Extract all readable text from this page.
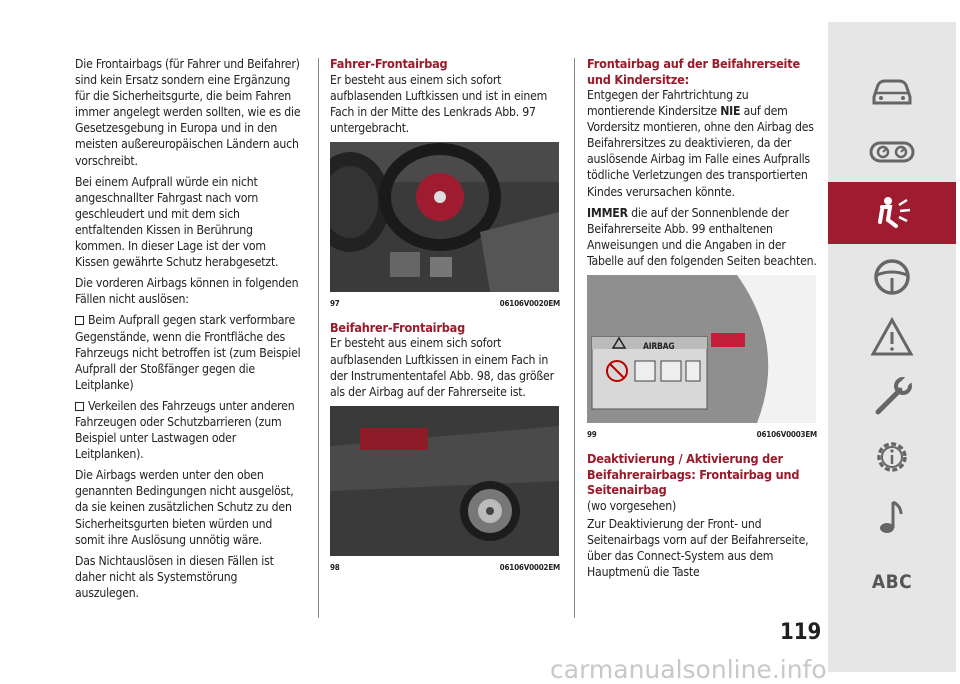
Die Frontairbags (für Fahrer und Beifahrer) sind kein Ersatz sondern eine Ergänzung für die Sicherheitsgurte, die beim Fahren immer angelegt werden sollten, wie es die Gesetzesgebung in Europa und in den meisten außereuropäischen Ländern auch vorschreibt.

Bei einem Aufprall würde ein nicht angeschnallter Fahrgast nach vorn geschleudert und mit dem sich entfaltenden Kissen in Berührung kommen. In dieser Lage ist der vom Kissen gewährte Schutz herabgesetzt.

Die vorderen Airbags können in folgenden Fällen nicht auslösen:

Beim Aufprall gegen stark verformbare Gegenstände, wenn die Frontfläche des Fahrzeugs nicht betroffen ist (zum Beispiel Aufprall der Stoßfänger gegen die Leitplanke)

Verkeilen des Fahrzeugs unter anderen Fahrzeugen oder Schutzbarrieren (zum Beispiel unter Lastwagen oder Leitplanken).

Die Airbags werden unter den oben genannten Bedingungen nicht ausgelöst, da sie keinen zusätzlichen Schutz zu den Sicherheitsgurten bieten würden und somit ihre Auslösung unnötig wäre.

Das Nichtauslösen in diesen Fällen ist daher nicht als Systemstörung auszulegen.

Fahrer-Frontairbag

Er besteht aus einem sich sofort aufblasenden Luftkissen und ist in einem Fach in der Mitte des Lenkrads Abb. 97 untergebracht.

97	06106V0020EM
Beifahrer-Frontairbag

Er besteht aus einem sich sofort aufblasenden Luftkissen in einem Fach in der Instrumententafel Abb. 98, das größer als der Airbag auf der Fahrerseite ist.

98	06106V0002EM
Frontairbag auf der Beifahrerseite und Kindersitze:

Entgegen der Fahrtrichtung zu montierende Kindersitze NIE auf dem Vordersitz montieren, ohne den Airbag des Beifahrersitzes zu deaktivieren, da der auslösende Airbag im Falle eines Aufpralls tödliche Verletzungen des transportierten Kindes verursachen könnte.

IMMER die auf der Sonnenblende der Beifahrerseite Abb. 99 enthaltenen Anweisungen und die Angaben in der Tabelle auf den folgenden Seiten beachten.

AIRBAG
99	06106V0003EM
Deaktivierung / Aktivierung der Beifahrerairbags: Frontairbag und Seitenairbag

(wo vorgesehen)

Zur Deaktivierung der Front- und Seitenairbags vorn auf der Beifahrerseite, über das Connect-System aus dem Hauptmenü die Taste

119
ABC
carmanualsonline.info
